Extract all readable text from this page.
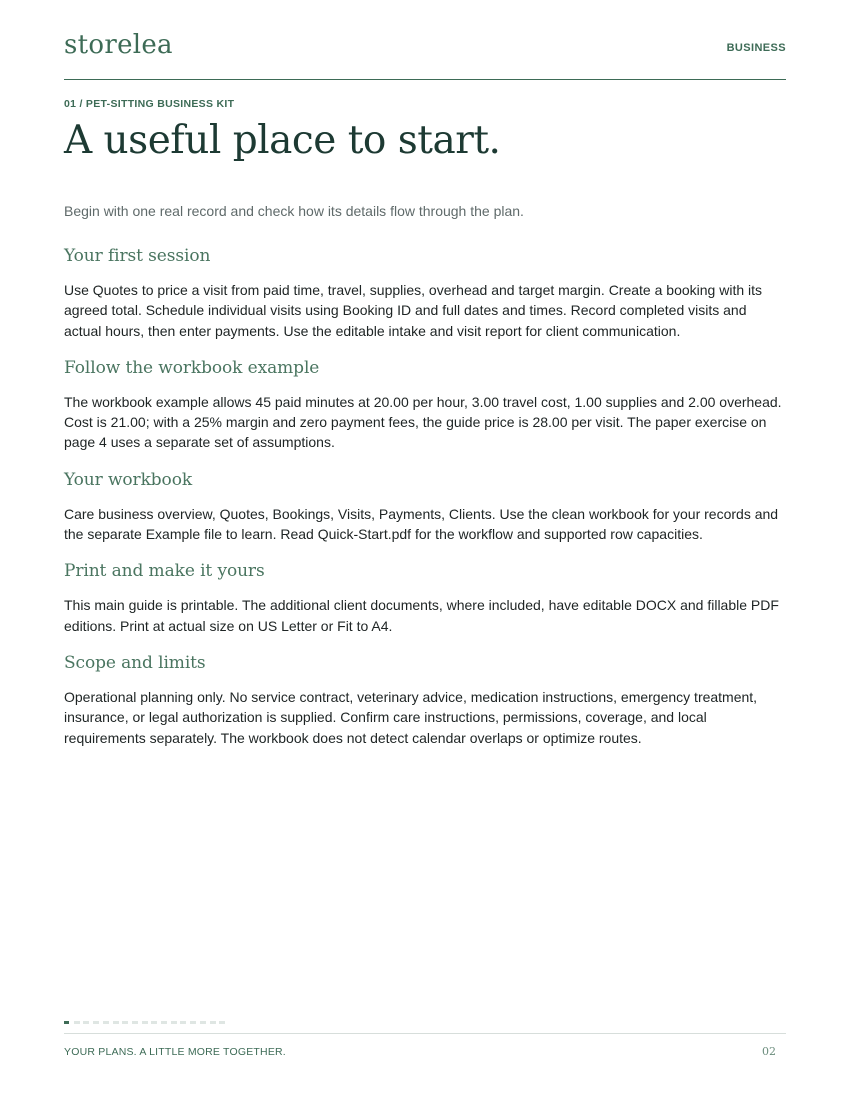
storelea	BUSINESS
01 / PET-SITTING BUSINESS KIT
A useful place to start.
Begin with one real record and check how its details flow through the plan.
Your first session

Use Quotes to price a visit from paid time, travel, supplies, overhead and target margin. Create a booking with its agreed total. Schedule individual visits using Booking ID and full dates and times. Record completed visits and actual hours, then enter payments. Use the editable intake and visit report for client communication.

Follow the workbook example

The workbook example allows 45 paid minutes at 20.00 per hour, 3.00 travel cost, 1.00 supplies and 2.00 overhead. Cost is 21.00; with a 25% margin and zero payment fees, the guide price is 28.00 per visit. The paper exercise on page 4 uses a separate set of assumptions.

Your workbook

Care business overview, Quotes, Bookings, Visits, Payments, Clients. Use the clean workbook for your records and the separate Example file to learn. Read Quick-Start.pdf for the workflow and supported row capacities.

Print and make it yours

This main guide is printable. The additional client documents, where included, have editable DOCX and fillable PDF editions. Print at actual size on US Letter or Fit to A4.

Scope and limits

Operational planning only. No service contract, veterinary advice, medication instructions, emergency treatment, insurance, or legal authorization is supplied. Confirm care instructions, permissions, coverage, and local requirements separately. The workbook does not detect calendar overlaps or optimize routes.

YOUR PLANS. A LITTLE MORE TOGETHER.	02
